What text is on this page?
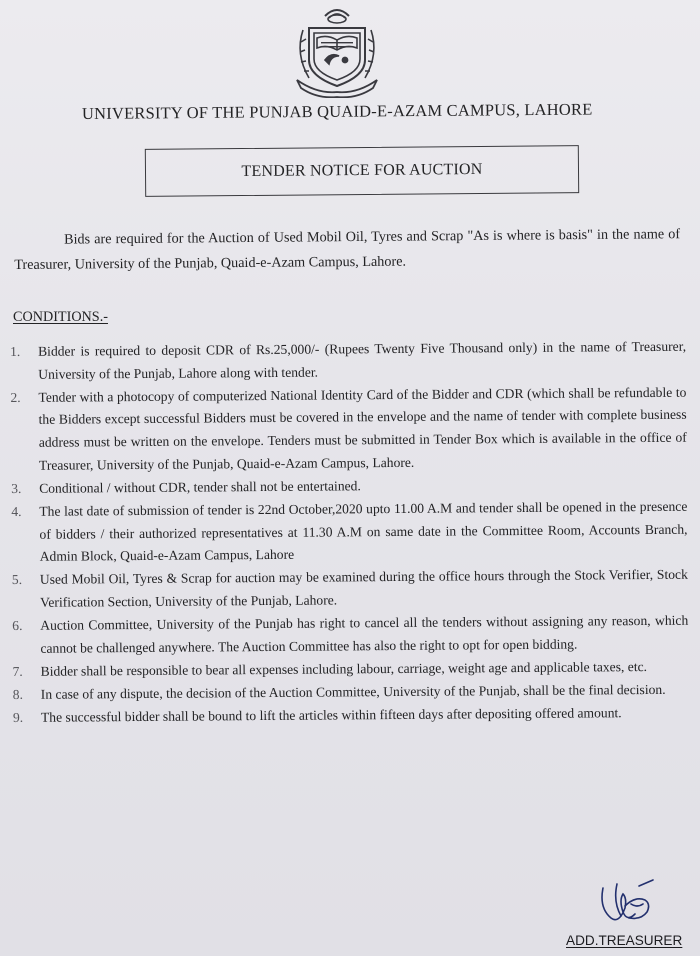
UNIVERSITY OF THE PUNJAB QUAID-E-AZAM CAMPUS, LAHORE
TENDER NOTICE FOR AUCTION

Bids are required for the Auction of Used Mobil Oil, Tyres and Scrap "As is where is basis" in the name of Treasurer, University of the Punjab, Quaid-e-Azam Campus, Lahore.

CONDITIONS.-
1.	Bidder is required to deposit CDR of Rs.25,000/- (Rupees Twenty Five Thousand only) in the name of Treasurer, University of the Punjab, Lahore along with tender.
2.	Tender with a photocopy of computerized National Identity Card of the Bidder and CDR (which shall be refundable to the Bidders except successful Bidders must be covered in the envelope and the name of tender with complete business address must be written on the envelope. Tenders must be submitted in Tender Box which is available in the office of Treasurer, University of the Punjab, Quaid-e-Azam Campus, Lahore.
3.	Conditional / without CDR, tender shall not be entertained.
4.	The last date of submission of tender is 22nd October,2020 upto 11.00 A.M and tender shall be opened in the presence of bidders / their authorized representatives at 11.30 A.M on same date in the Committee Room, Accounts Branch, Admin Block, Quaid-e-Azam Campus, Lahore
5.	Used Mobil Oil, Tyres & Scrap for auction may be examined during the office hours through the Stock Verifier, Stock Verification Section, University of the Punjab, Lahore.
6.	Auction Committee, University of the Punjab has right to cancel all the tenders without assigning any reason, which cannot be challenged anywhere. The Auction Committee has also the right to opt for open bidding.
7.	Bidder shall be responsible to bear all expenses including labour, carriage, weight age and applicable taxes, etc.
8.	In case of any dispute, the decision of the Auction Committee, University of the Punjab, shall be the final decision.
9.	The successful bidder shall be bound to lift the articles within fifteen days after depositing offered amount.
ADD.TREASURER
